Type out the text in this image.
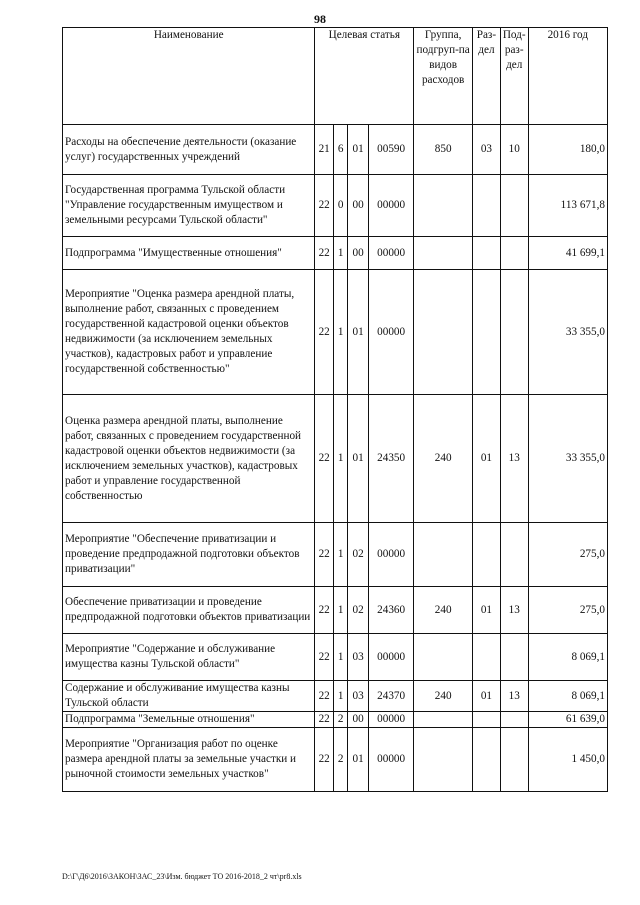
98
Наименование	Целевая статья				Группа, подгруп-па видов расходов	Раз-дел	Под-раз-дел	2016 год
Расходы на обеспечение деятельности (оказание услуг) государственных учреждений	21	6	01	00590	850	03	10	180,0
Государственная программа Тульской области "Управление государственным имуществом и земельными ресурсами Тульской области"	22	0	00	00000				113 671,8
Подпрограмма "Имущественные отношения"	22	1	00	00000				41 699,1
Мероприятие "Оценка размера арендной платы, выполнение работ, связанных с проведением государственной кадастровой оценки объектов недвижимости (за исключением земельных участков), кадастровых работ и управление государственной собственностью"	22	1	01	00000				33 355,0
Оценка размера арендной платы, выполнение работ, связанных с проведением государственной кадастровой оценки объектов недвижимости (за исключением земельных участков), кадастровых работ и управление государственной собственностью	22	1	01	24350	240	01	13	33 355,0
Мероприятие "Обеспечение приватизации и проведение предпродажной подготовки объектов приватизации"	22	1	02	00000				275,0
Обеспечение приватизации и проведение предпродажной подготовки объектов приватизации	22	1	02	24360	240	01	13	275,0
Мероприятие "Содержание и обслуживание имущества казны Тульской области"	22	1	03	00000				8 069,1
Содержание и обслуживание имущества казны Тульской области	22	1	03	24370	240	01	13	8 069,1
Подпрограмма "Земельные отношения"	22	2	00	00000				61 639,0
Мероприятие "Организация работ по оценке размера арендной платы за земельные участки и рыночной стоимости земельных участков"	22	2	01	00000				1 450,0
D:\Г\Д6\2016\ЗАКОН\ЗАС_23\Изм. бюджет ТО 2016-2018_2 чт\pr8.xls
